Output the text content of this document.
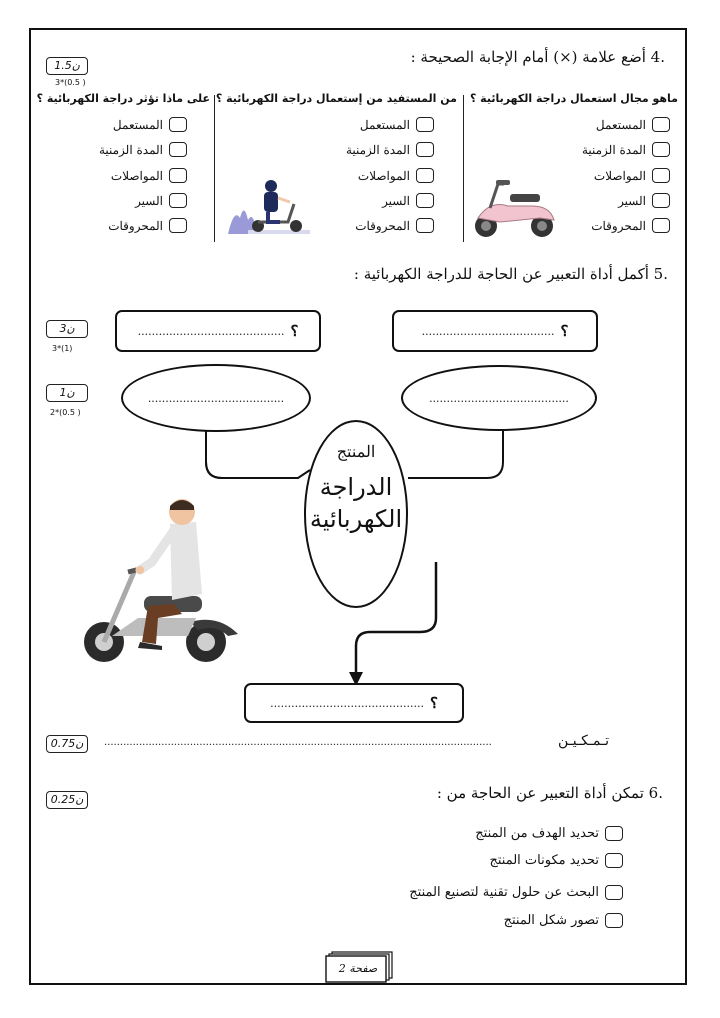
1.5ن
3*(0.5 )
.4 أضع علامة (×) أمام الإجابة الصحيحة :
ماهو مجال استعمال دراجة الكهربائية ؟
من المستفيد من إستعمال دراجة الكهربائية ؟
على ماذا تؤثر دراجة الكهربائية ؟
المستعمل
المدة الزمنية
المواصلات
السير
المحروقات
المستعمل
المدة الزمنية
المواصلات
السير
المحروقات
المستعمل
المدة الزمنية
المواصلات
السير
المحروقات
.5 أكمل أداة التعبير عن الحاجة للدراجة الكهربائية :
3ن
3*(1)
1ن
2*(0.5 )
؟
......................................
؟
..........................................
........................................
.......................................
المنتج
الدراجة
الكهربائية
؟
............................................
0.75ن	..........................................................................................................................	تـمـكـيـن
0.25ن	.6 تمكن أداة التعبير عن الحاجة من :
تحديد الهدف من المنتج
تحديد مكونات المنتج
البحث عن حلول تقنية لتصنيع المنتج
تصور شكل المنتج
صفحة 2
